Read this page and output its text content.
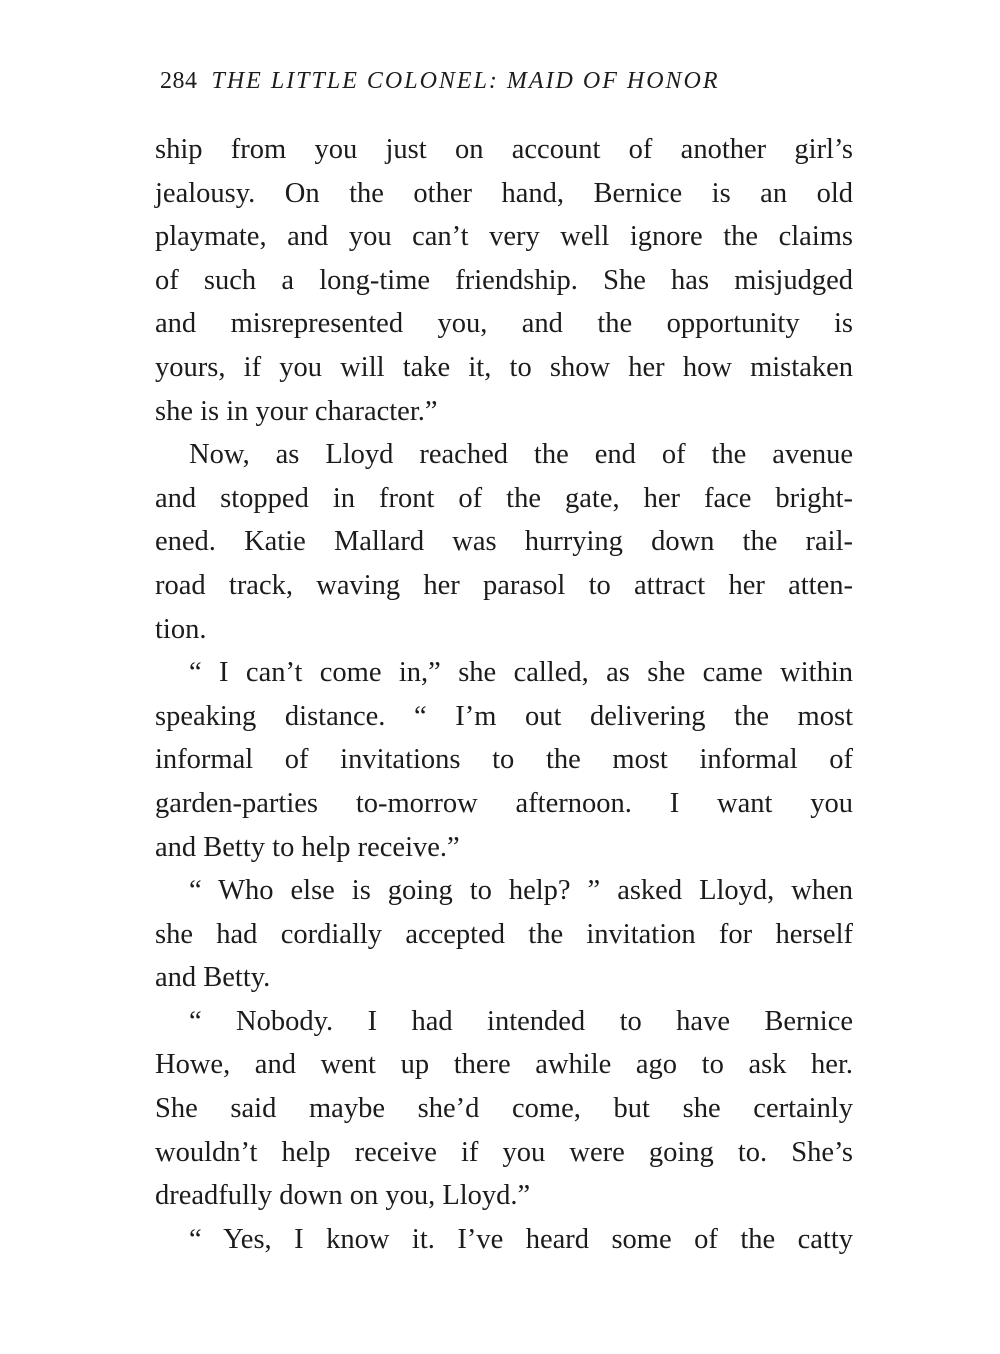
284 THE LITTLE COLONEL: MAID OF HONOR
ship from you just on account of another girl’s
jealousy. On the other hand, Bernice is an old
playmate, and you can’t very well ignore the claims
of such a long-time friendship. She has misjudged
and misrepresented you, and the opportunity is
yours, if you will take it, to show her how mistaken
she is in your character.”
Now, as Lloyd reached the end of the avenue
and stopped in front of the gate, her face bright-
ened. Katie Mallard was hurrying down the rail-
road track, waving her parasol to attract her atten-
tion.
“ I can’t come in,” she called, as she came within
speaking distance. “ I’m out delivering the most
informal of invitations to the most informal of
garden-parties to-morrow afternoon. I want you
and Betty to help receive.”
“ Who else is going to help? ” asked Lloyd, when
she had cordially accepted the invitation for herself
and Betty.
“ Nobody. I had intended to have Bernice
Howe, and went up there awhile ago to ask her.
She said maybe she’d come, but she certainly
wouldn’t help receive if you were going to. She’s
dreadfully down on you, Lloyd.”
“ Yes, I know it. I’ve heard some of the catty
